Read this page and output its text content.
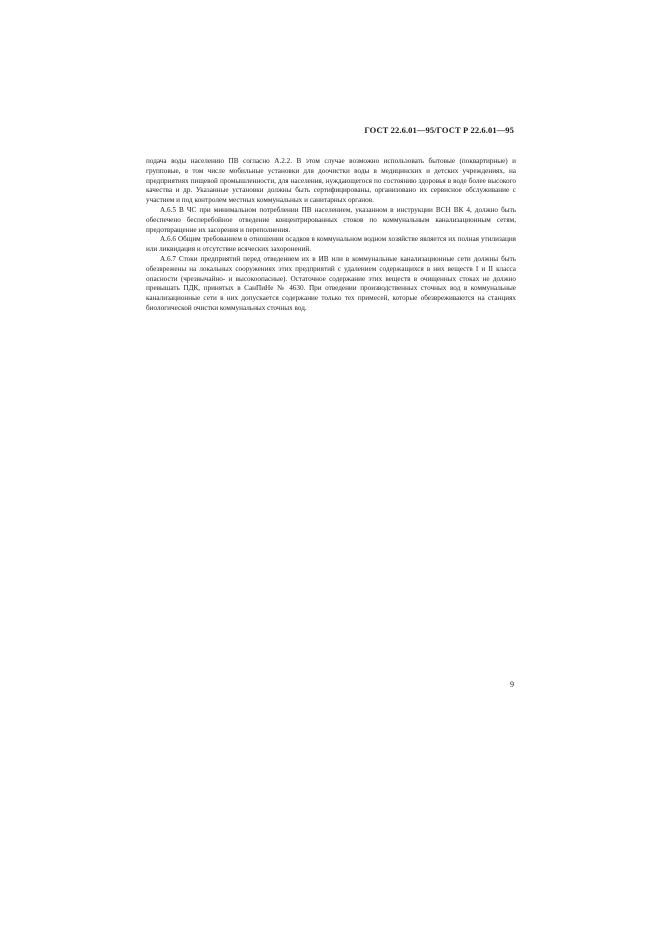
ГОСТ 22.6.01—95/ГОСТ Р 22.6.01—95

подача воды населению ПВ согласно А.2.2. В этом случае возможно использовать бытовые (поквартирные) и групповые, в том числе мобильные установки для доочистки воды в медицинских и детских учреждениях, на предприятиях пищевой промышленности, для населения, нуждающегося по состоянию здоровья в воде более высокого качества и др. Указанные установки должны быть сертифицированы, организовано их сервисное обслуживание с участием и под контролем местных коммунальных и санитарных органов.

А.6.5 В ЧС при минимальном потреблении ПВ населением, указанном в инструкции ВСН ВК 4, должно быть обеспечено бесперебойное отведение концентрированных стоков по коммунальным канализационным сетям, предотвращение их засорения и переполнения.

А.6.6 Общим требованием в отношении осадков в коммунальном водном хозяйстве является их полная утилизация или ликвидация и отсутствие всяческих захоронений.

А.6.7 Стоки предприятий перед отведением их в ИВ или в коммунальные канализационные сети должны быть обезврежены на локальных сооружениях этих предприятий с удалением содержащихся в них веществ I и II класса опасности (чрезвычайно- и высокоопасные). Остаточное содержание этих веществ в очищенных стоках не должно превышать ПДК, принятых в СанПиНе № 4630. При отведении производственных сточных вод в коммунальные канализационные сети в них допускается содержание только тех примесей, которые обезвреживаются на станциях биологической очистки коммунальных сточных вод.

9
